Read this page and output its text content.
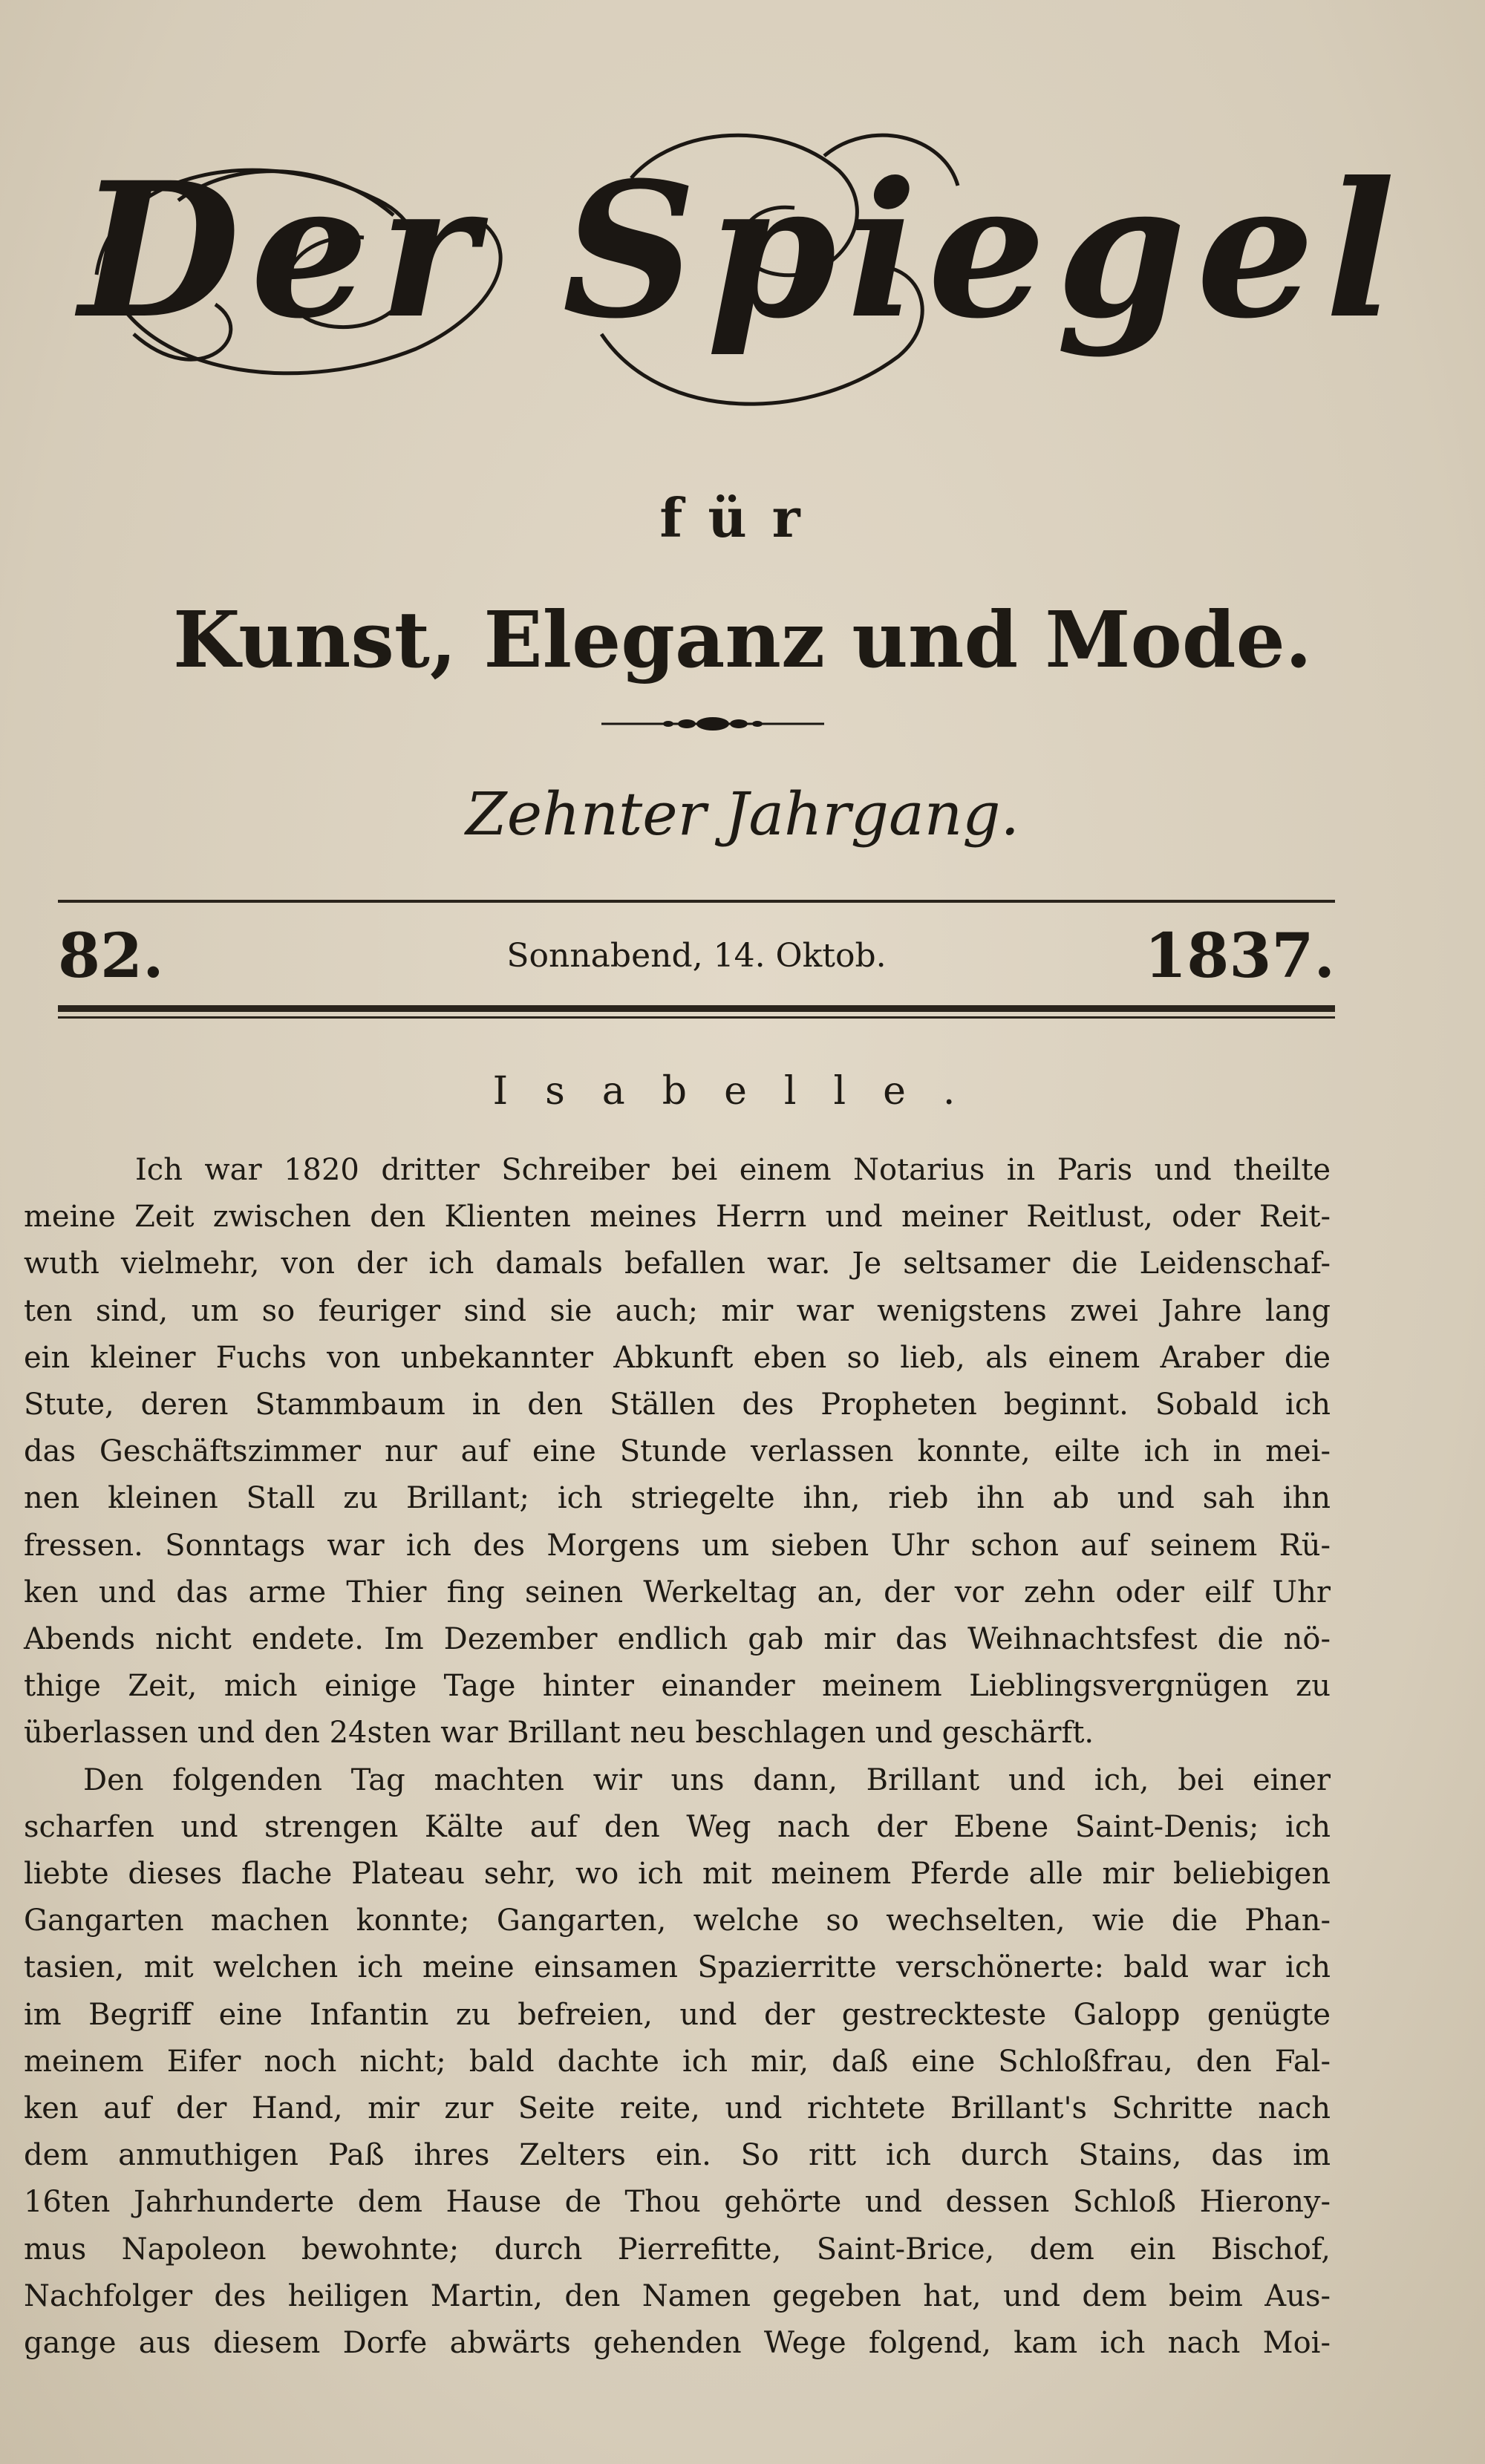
Der Spiegel
für
Kunst, Eleganz und Mode.
Zehnter Jahrgang.
82.	Sonnabend, 14. Oktob.	1837.
Isabelle.
Ich war 1820 dritter Schreiber bei einem Notarius in Paris und theilte
meine Zeit zwischen den Klienten meines Herrn und meiner Reitlust, oder Reit-
wuth vielmehr, von der ich damals befallen war. Je seltsamer die Leidenschaf-
ten sind, um so feuriger sind sie auch; mir war wenigstens zwei Jahre lang
ein kleiner Fuchs von unbekannter Abkunft eben so lieb, als einem Araber die
Stute, deren Stammbaum in den Ställen des Propheten beginnt. Sobald ich
das Geschäftszimmer nur auf eine Stunde verlassen konnte, eilte ich in mei-
nen kleinen Stall zu Brillant; ich striegelte ihn, rieb ihn ab und sah ihn
fressen. Sonntags war ich des Morgens um sieben Uhr schon auf seinem Rü-
ken und das arme Thier fing seinen Werkeltag an, der vor zehn oder eilf Uhr
Abends nicht endete. Im Dezember endlich gab mir das Weihnachtsfest die nö-
thige Zeit, mich einige Tage hinter einander meinem Lieblingsvergnügen zu
überlassen und den 24sten war Brillant neu beschlagen und geschärft.
Den folgenden Tag machten wir uns dann, Brillant und ich, bei einer
scharfen und strengen Kälte auf den Weg nach der Ebene Saint-Denis; ich
liebte dieses flache Plateau sehr, wo ich mit meinem Pferde alle mir beliebigen
Gangarten machen konnte; Gangarten, welche so wechselten, wie die Phan-
tasien, mit welchen ich meine einsamen Spazierritte verschönerte: bald war ich
im Begriff eine Infantin zu befreien, und der gestreckteste Galopp genügte
meinem Eifer noch nicht; bald dachte ich mir, daß eine Schloßfrau, den Fal-
ken auf der Hand, mir zur Seite reite, und richtete Brillant's Schritte nach
dem anmuthigen Paß ihres Zelters ein. So ritt ich durch Stains, das im
16ten Jahrhunderte dem Hause de Thou gehörte und dessen Schloß Hierony-
mus Napoleon bewohnte; durch Pierrefitte, Saint-Brice, dem ein Bischof,
Nachfolger des heiligen Martin, den Namen gegeben hat, und dem beim Aus-
gange aus diesem Dorfe abwärts gehenden Wege folgend, kam ich nach Moi-
